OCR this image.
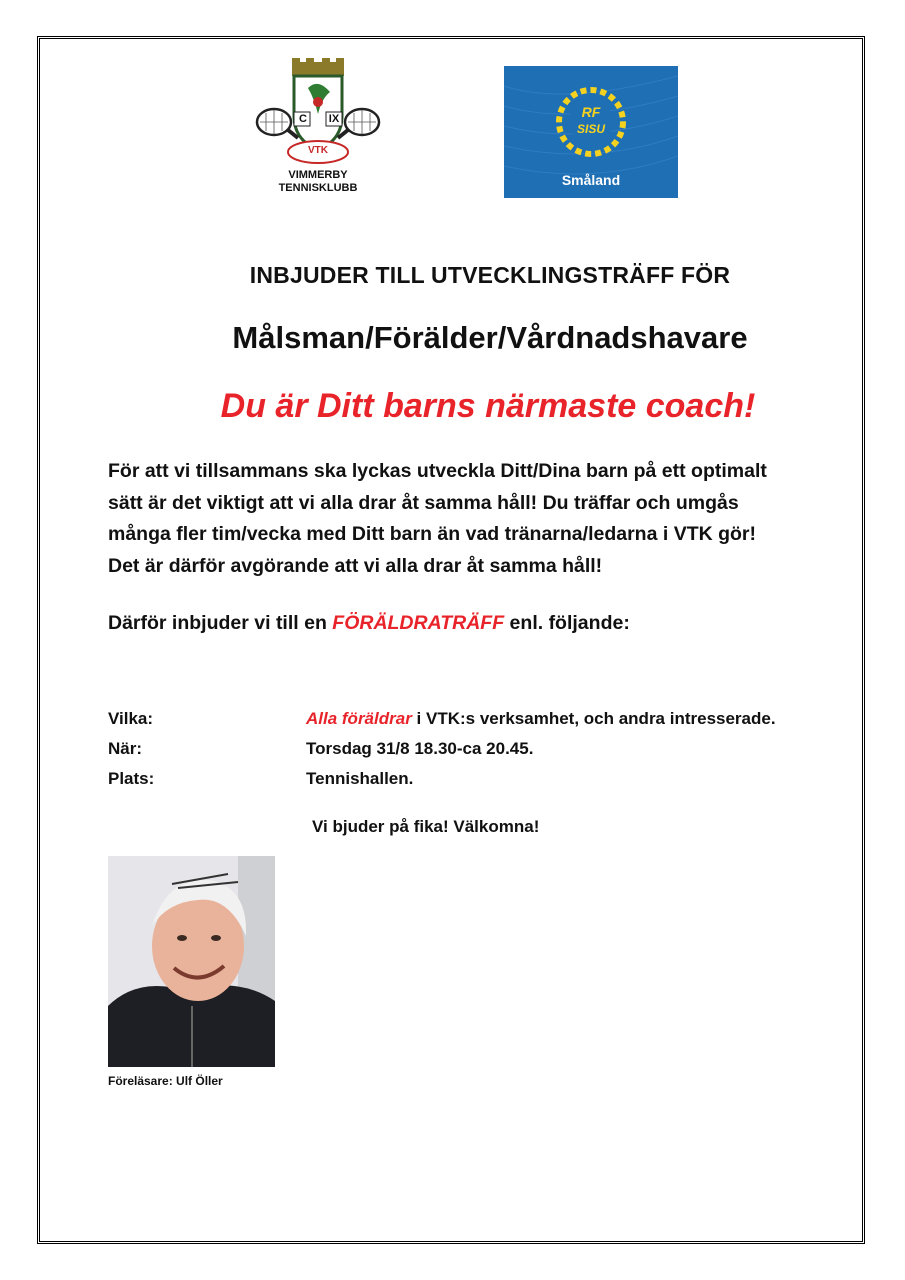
C IX
VTK
VIMMERBY
TENNISKLUBB
RF
SISU
Småland
INBJUDER TILL UTVECKLINGSTRÄFF FÖR
Målsman/Förälder/Vårdnadshavare
Du är Ditt barns närmaste coach!

För att vi tillsammans ska lyckas utveckla Ditt/Dina barn på ett optimalt

sätt är det viktigt att vi alla drar åt samma håll! Du träffar och umgås

många fler tim/vecka med Ditt barn än vad tränarna/ledarna i VTK gör!

Det är därför avgörande att vi alla drar åt samma håll!

Därför inbjuder vi till en FÖRÄLDRATRÄFF enl. följande:
Vilka:	Alla föräldrar i VTK:s verksamhet, och andra intresserade.
När:	Torsdag 31/8 18.30-ca 20.45.
Plats:	Tennishallen.
Vi bjuder på fika! Välkomna!
Föreläsare: Ulf Öller
